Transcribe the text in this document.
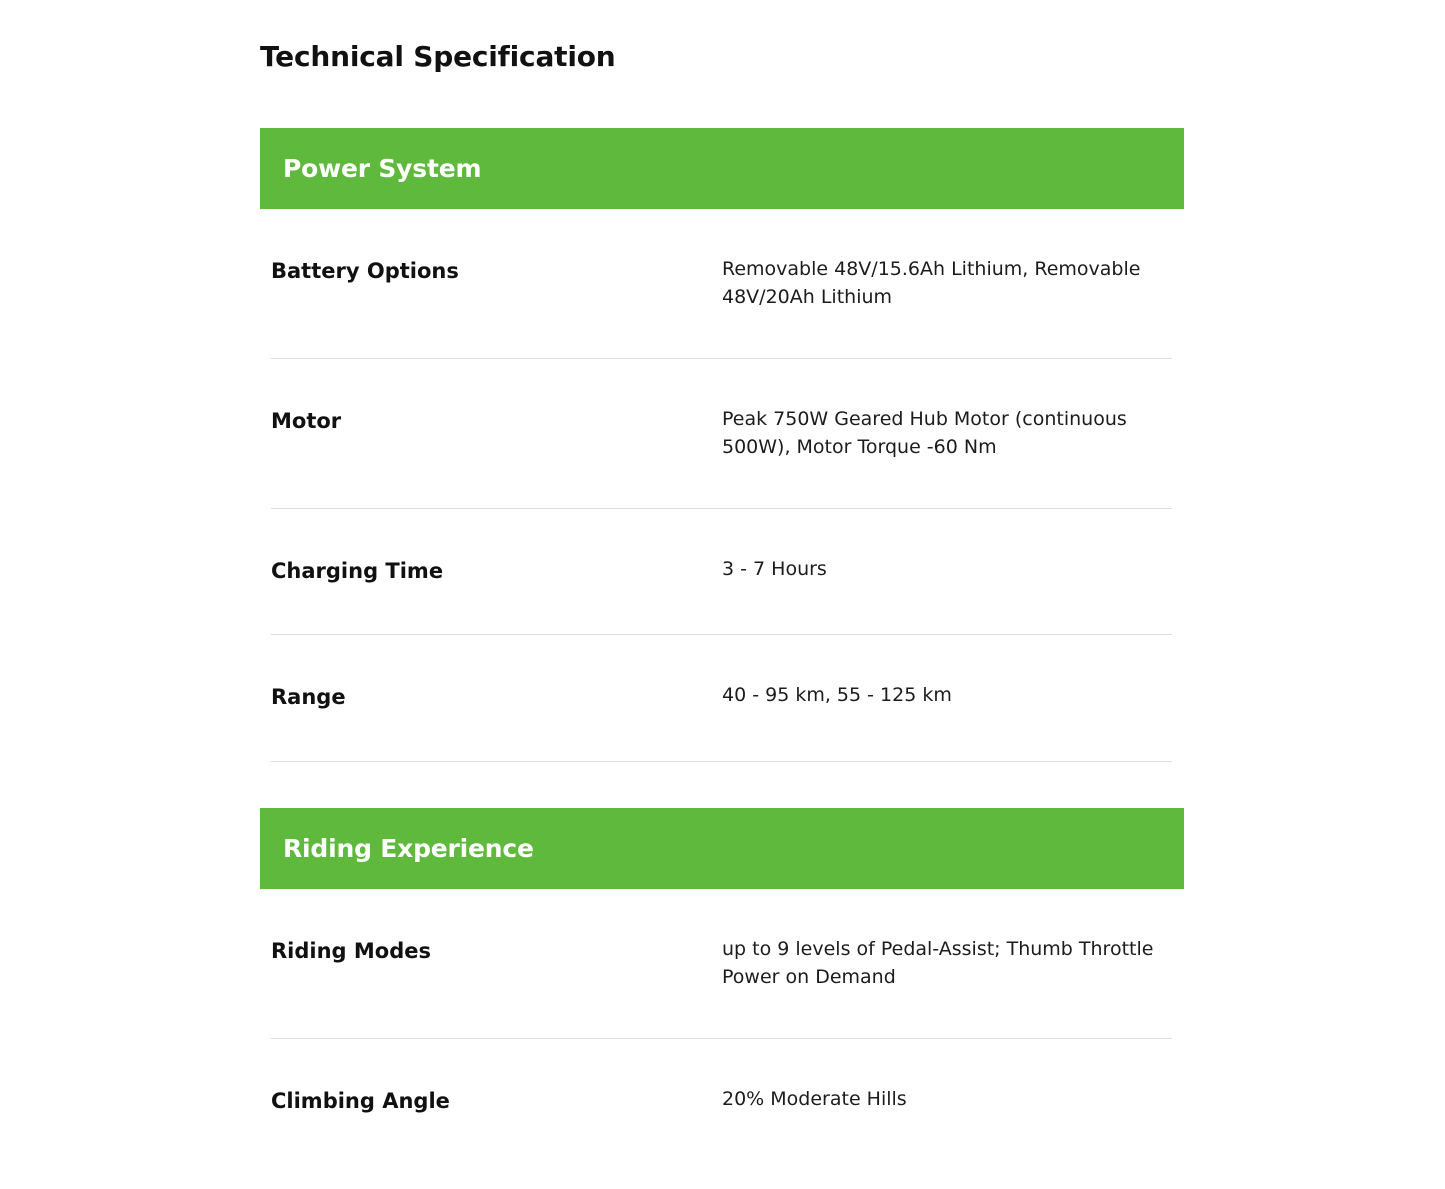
Technical Specification
Power System
Battery Options	Removable 48V/15.6Ah Lithium, Removable 48V/20Ah Lithium
Motor	Peak 750W Geared Hub Motor (continuous 500W), Motor Torque -60 Nm
Charging Time	3 - 7 Hours
Range	40 - 95 km, 55 - 125 km
Riding Experience
Riding Modes	up to 9 levels of Pedal-Assist; Thumb Throttle Power on Demand
Climbing Angle	20% Moderate Hills
